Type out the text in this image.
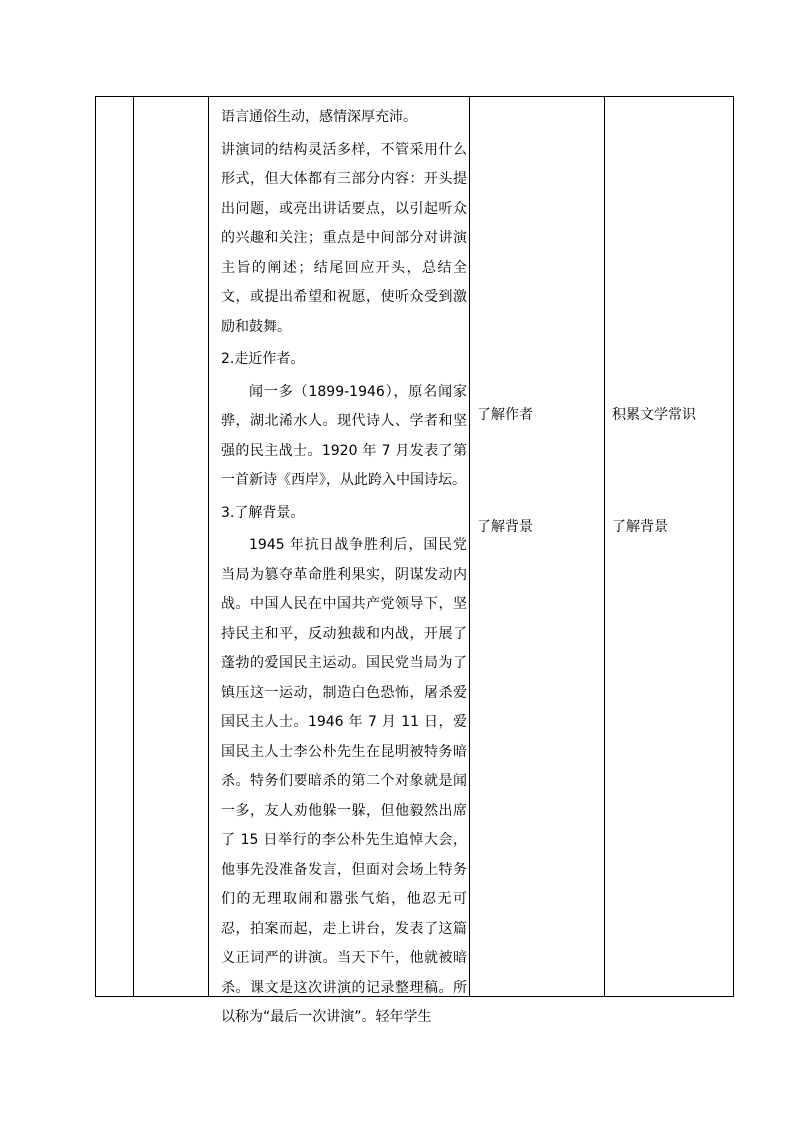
语言通俗生动，感情深厚充沛。

讲演词的结构灵活多样，不管采用什么形式，但大体都有三部分内容：开头提出问题，或亮出讲话要点，以引起听众的兴趣和关注；重点是中间部分对讲演主旨的阐述；结尾回应开头，总结全文，或提出希望和祝愿，使听众受到激励和鼓舞。

2.走近作者。

闻一多（1899-1946），原名闻家骅，湖北浠水人。现代诗人、学者和坚强的民主战士。1920 年 7 月发表了第一首新诗《西岸》，从此跨入中国诗坛。

3.了解背景。

1945 年抗日战争胜利后，国民党当局为篡夺革命胜利果实，阴谋发动内战。中国人民在中国共产党领导下，坚持民主和平，反动独裁和内战，开展了蓬勃的爱国民主运动。国民党当局为了镇压这一运动，制造白色恐怖，屠杀爱国民主人士。1946 年 7 月 11 日，爱国民主人士李公朴先生在昆明被特务暗杀。特务们要暗杀的第二个对象就是闻一多，友人劝他躲一躲，但他毅然出席了 15 日举行的李公朴先生追悼大会，他事先没准备发言，但面对会场上特务们的无理取闹和嚣张气焰，他忍无可忍，拍案而起，走上讲台，发表了这篇义正词严的讲演。当天下午，他就被暗杀。课文是这次讲演的记录整理稿。所以称为“最后一次讲演”。轻年学生

了解作者
了解背景
积累文学常识
了解背景
